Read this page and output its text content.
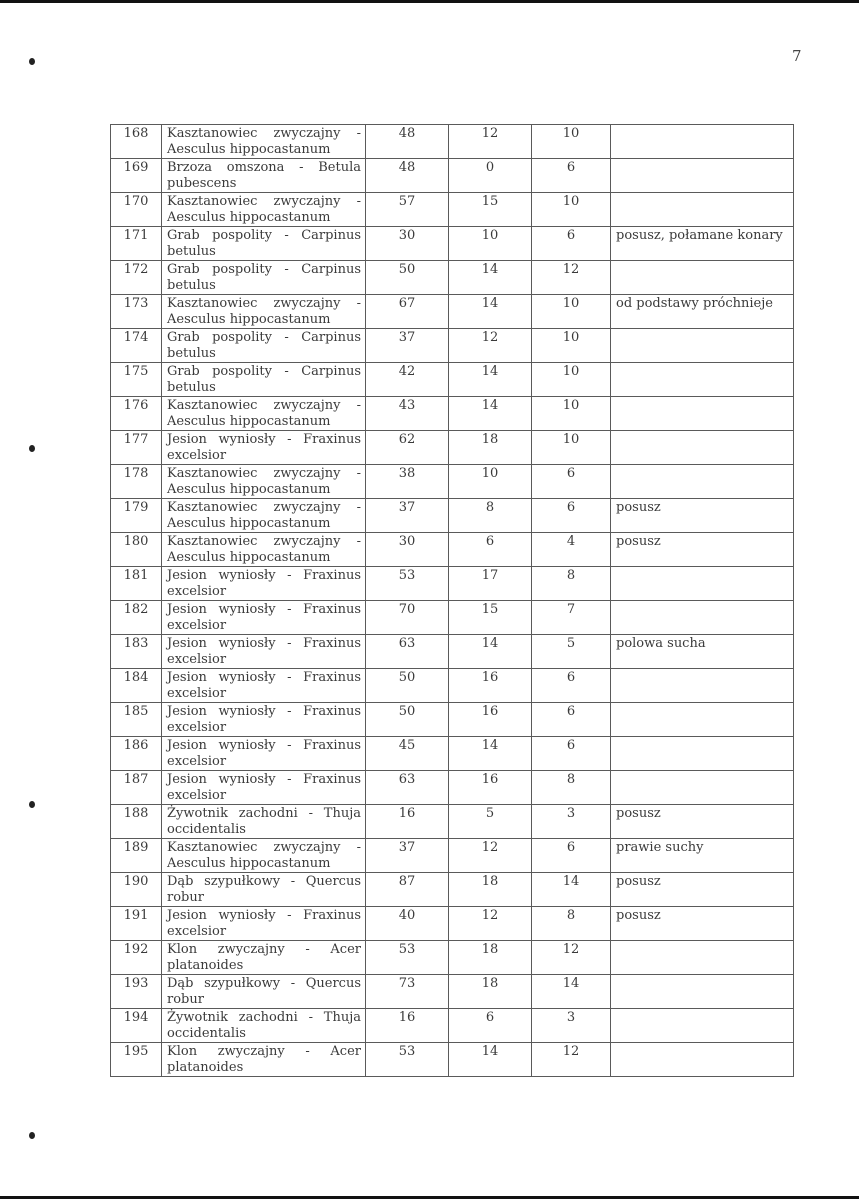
7
168	Kasztanowiec zwyczajny - Aesculus hippocastanum	48	12	10	
169	Brzoza omszona - Betula pubescens	48	0	6	
170	Kasztanowiec zwyczajny - Aesculus hippocastanum	57	15	10	
171	Grab pospolity - Carpinus betulus	30	10	6	posusz, połamane konary
172	Grab pospolity - Carpinus betulus	50	14	12	
173	Kasztanowiec zwyczajny - Aesculus hippocastanum	67	14	10	od podstawy próchnieje
174	Grab pospolity - Carpinus betulus	37	12	10	
175	Grab pospolity - Carpinus betulus	42	14	10	
176	Kasztanowiec zwyczajny - Aesculus hippocastanum	43	14	10	
177	Jesion wyniosły - Fraxinus excelsior	62	18	10	
178	Kasztanowiec zwyczajny - Aesculus hippocastanum	38	10	6	
179	Kasztanowiec zwyczajny - Aesculus hippocastanum	37	8	6	posusz
180	Kasztanowiec zwyczajny - Aesculus hippocastanum	30	6	4	posusz
181	Jesion wyniosły - Fraxinus excelsior	53	17	8	
182	Jesion wyniosły - Fraxinus excelsior	70	15	7	
183	Jesion wyniosły - Fraxinus excelsior	63	14	5	polowa sucha
184	Jesion wyniosły - Fraxinus excelsior	50	16	6	
185	Jesion wyniosły - Fraxinus excelsior	50	16	6	
186	Jesion wyniosły - Fraxinus excelsior	45	14	6	
187	Jesion wyniosły - Fraxinus excelsior	63	16	8	
188	Żywotnik zachodni - Thuja occidentalis	16	5	3	posusz
189	Kasztanowiec zwyczajny - Aesculus hippocastanum	37	12	6	prawie suchy
190	Dąb szypułkowy - Quercus robur	87	18	14	posusz
191	Jesion wyniosły - Fraxinus excelsior	40	12	8	posusz
192	Klon zwyczajny - Acer platanoides	53	18	12	
193	Dąb szypułkowy - Quercus robur	73	18	14	
194	Żywotnik zachodni - Thuja occidentalis	16	6	3	
195	Klon zwyczajny - Acer platanoides	53	14	12	
